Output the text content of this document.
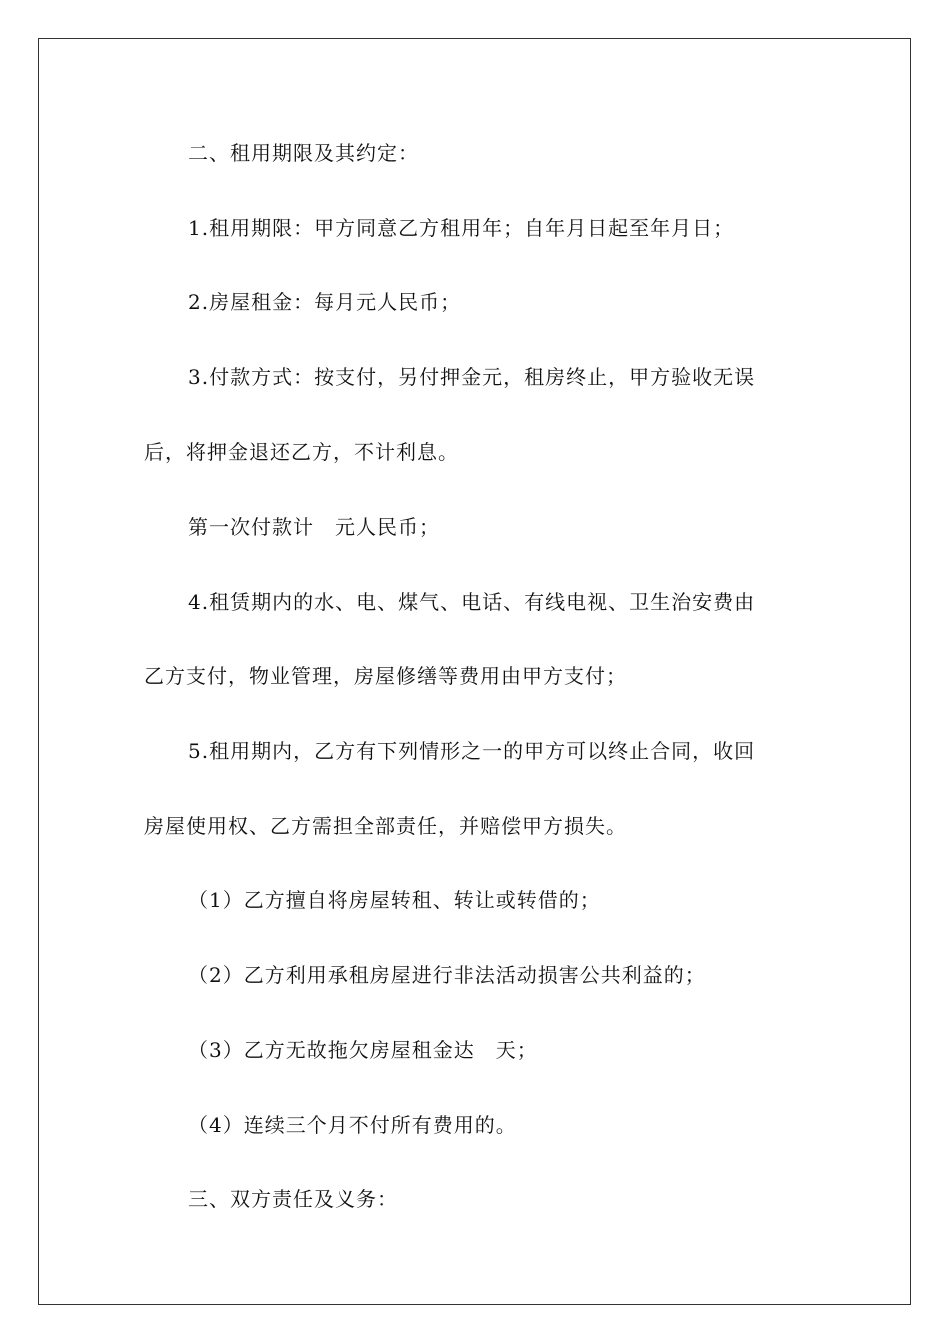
二、租用期限及其约定：
1.租用期限：甲方同意乙方租用年；自年月日起至年月日；
2.房屋租金：每月元人民币；
3.付款方式：按支付，另付押金元，租房终止，甲方验收无误
后，将押金退还乙方，不计利息。
第一次付款计　元人民币；
4.租赁期内的水、电、煤气、电话、有线电视、卫生治安费由
乙方支付，物业管理，房屋修缮等费用由甲方支付；
5.租用期内，乙方有下列情形之一的甲方可以终止合同，收回
房屋使用权、乙方需担全部责任，并赔偿甲方损失。
（1）乙方擅自将房屋转租、转让或转借的；
（2）乙方利用承租房屋进行非法活动损害公共利益的；
（3）乙方无故拖欠房屋租金达　天；
（4）连续三个月不付所有费用的。
三、双方责任及义务：
